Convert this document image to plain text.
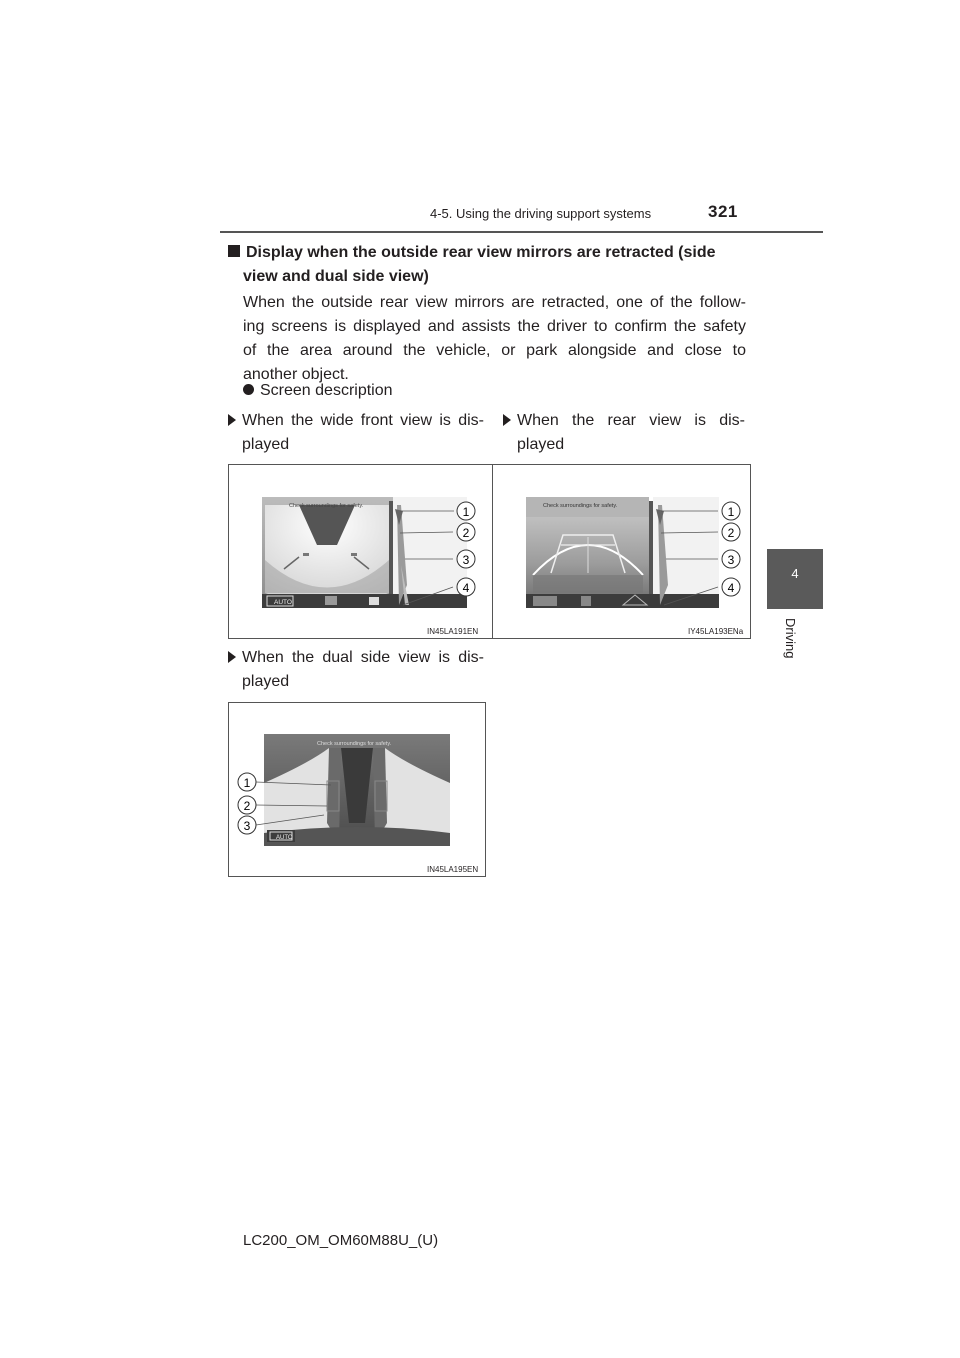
4-5. Using the driving support systems	321
4
Driving
Display when the outside rear view mirrors are retracted (side
view and dual side view)
When the outside rear view mirrors are retracted, one of the follow-
ing screens is displayed and assists the driver to confirm the safety
of the area around the vehicle, or park alongside and close to
another object.
Screen description
When the wide front view is dis-
played
When the rear view is dis-
played
AUTO
Check surroundings for safety.	1
2
3
4
IN45LA191EN
Check surroundings for safety.	1
2
3
4
IY45LA193ENa
When the dual side view is dis-
played
AUTO
Check surroundings for safety.
1
2
3
IN45LA195EN
LC200_OM_OM60M88U_(U)
